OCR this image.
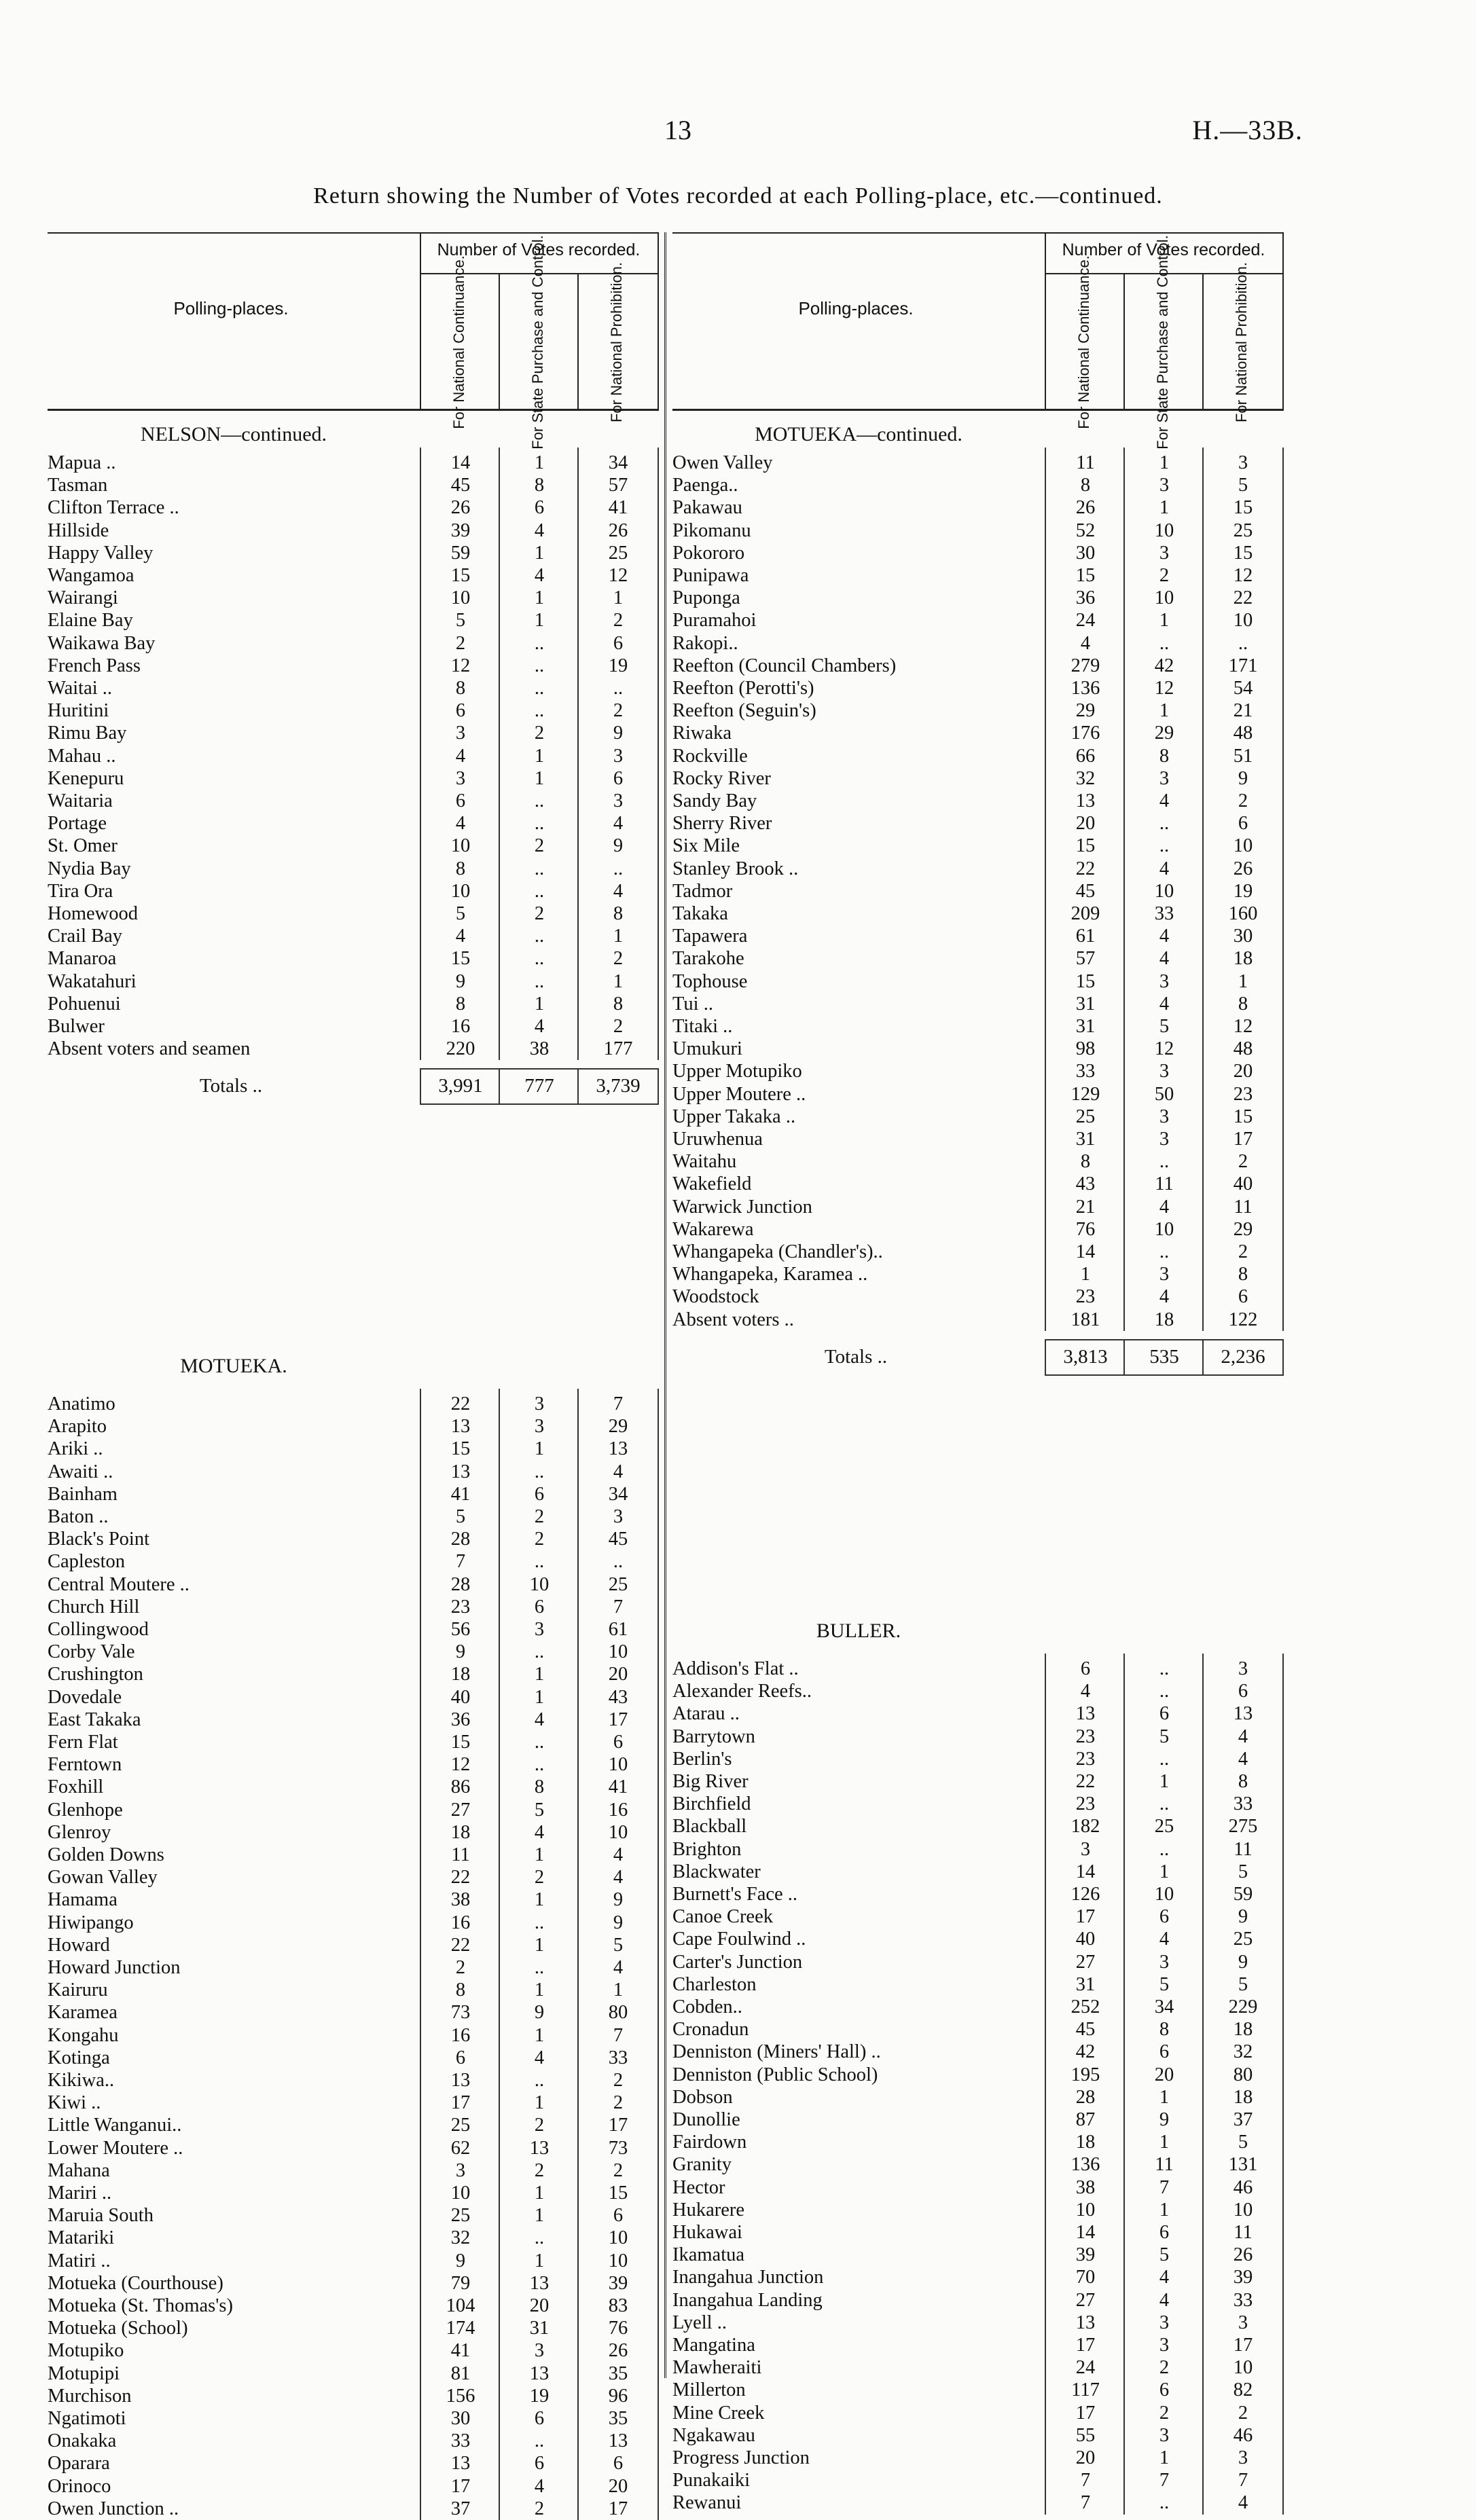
13	H.—33B.
Return showing the Number of Votes recorded at each Polling-place, etc.—continued.
Polling-places.
Number of Votes recorded.
For National Continuance.	For State Purchase and Control.	For National Prohibition.
NELSON—continued.
Mapua ..	14	1	34
Tasman	45	8	57
Clifton Terrace ..	26	6	41
Hillside	39	4	26
Happy Valley	59	1	25
Wangamoa	15	4	12
Wairangi	10	1	1
Elaine Bay	5	1	2
Waikawa Bay	2	..	6
French Pass	12	..	19
Waitai ..	8	..	..
Huritini	6	..	2
Rimu Bay	3	2	9
Mahau ..	4	1	3
Kenepuru	3	1	6
Waitaria	6	..	3
Portage	4	..	4
St. Omer	10	2	9
Nydia Bay	8	..	..
Tira Ora	10	..	4
Homewood	5	2	8
Crail Bay	4	..	1
Manaroa	15	..	2
Wakatahuri	9	..	1
Pohuenui	8	1	8
Bulwer	16	4	2
Absent voters and seamen	220	38	177
Totals ..	3,991	777	3,739
MOTUEKA.
Anatimo	22	3	7
Arapito	13	3	29
Ariki ..	15	1	13
Awaiti ..	13	..	4
Bainham	41	6	34
Baton ..	5	2	3
Black's Point	28	2	45
Capleston	7	..	..
Central Moutere ..	28	10	25
Church Hill	23	6	7
Collingwood	56	3	61
Corby Vale	9	..	10
Crushington	18	1	20
Dovedale	40	1	43
East Takaka	36	4	17
Fern Flat	15	..	6
Ferntown	12	..	10
Foxhill	86	8	41
Glenhope	27	5	16
Glenroy	18	4	10
Golden Downs	11	1	4
Gowan Valley	22	2	4
Hamama	38	1	9
Hiwipango	16	..	9
Howard	22	1	5
Howard Junction	2	..	4
Kairuru	8	1	1
Karamea	73	9	80
Kongahu	16	1	7
Kotinga	6	4	33
Kikiwa..	13	..	2
Kiwi ..	17	1	2
Little Wanganui..	25	2	17
Lower Moutere ..	62	13	73
Mahana	3	2	2
Mariri ..	10	1	15
Maruia South	25	1	6
Matariki	32	..	10
Matiri ..	9	1	10
Motueka (Courthouse)	79	13	39
Motueka (St. Thomas's)	104	20	83
Motueka (School)	174	31	76
Motupiko	41	3	26
Motupipi	81	13	35
Murchison	156	19	96
Ngatimoti	30	6	35
Onakaka	33	..	13
Oparara	13	6	6
Orinoco	17	4	20
Owen Junction ..	37	2	17
Polling-places.
Number of Votes recorded.
For National Continuance.	For State Purchase and Control.	For National Prohibition.
MOTUEKA—continued.
Owen Valley	11	1	3
Paenga..	8	3	5
Pakawau	26	1	15
Pikomanu	52	10	25
Pokororo	30	3	15
Punipawa	15	2	12
Puponga	36	10	22
Puramahoi	24	1	10
Rakopi..	4	..	..
Reefton (Council Chambers)	279	42	171
Reefton (Perotti's)	136	12	54
Reefton (Seguin's)	29	1	21
Riwaka	176	29	48
Rockville	66	8	51
Rocky River	32	3	9
Sandy Bay	13	4	2
Sherry River	20	..	6
Six Mile	15	..	10
Stanley Brook ..	22	4	26
Tadmor	45	10	19
Takaka	209	33	160
Tapawera	61	4	30
Tarakohe	57	4	18
Tophouse	15	3	1
Tui ..	31	4	8
Titaki ..	31	5	12
Umukuri	98	12	48
Upper Motupiko	33	3	20
Upper Moutere ..	129	50	23
Upper Takaka ..	25	3	15
Uruwhenua	31	3	17
Waitahu	8	..	2
Wakefield	43	11	40
Warwick Junction	21	4	11
Wakarewa	76	10	29
Whangapeka (Chandler's)..	14	..	2
Whangapeka, Karamea ..	1	3	8
Woodstock	23	4	6
Absent voters ..	181	18	122
Totals ..	3,813	535	2,236
BULLER.
Addison's Flat ..	6	..	3
Alexander Reefs..	4	..	6
Atarau ..	13	6	13
Barrytown	23	5	4
Berlin's	23	..	4
Big River	22	1	8
Birchfield	23	..	33
Blackball	182	25	275
Brighton	3	..	11
Blackwater	14	1	5
Burnett's Face ..	126	10	59
Canoe Creek	17	6	9
Cape Foulwind ..	40	4	25
Carter's Junction	27	3	9
Charleston	31	5	5
Cobden..	252	34	229
Cronadun	45	8	18
Denniston (Miners' Hall) ..	42	6	32
Denniston (Public School)	195	20	80
Dobson	28	1	18
Dunollie	87	9	37
Fairdown	18	1	5
Granity	136	11	131
Hector	38	7	46
Hukarere	10	1	10
Hukawai	14	6	11
Ikamatua	39	5	26
Inangahua Junction	70	4	39
Inangahua Landing	27	4	33
Lyell ..	13	3	3
Mangatina	17	3	17
Mawheraiti	24	2	10
Millerton	117	6	82
Mine Creek	17	2	2
Ngakawau	55	3	46
Progress Junction	20	1	3
Punakaiki	7	7	7
Rewanui	7	..	4
